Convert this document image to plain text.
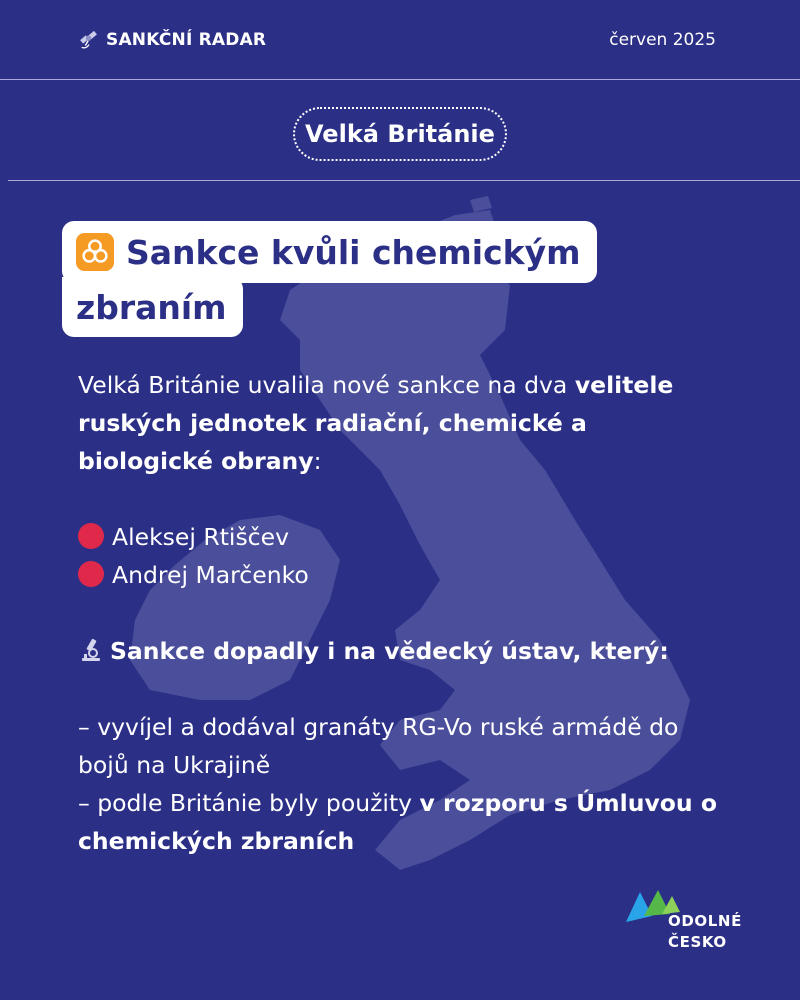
SANKČNÍ RADAR	červen 2025
Velká Británie
Sankce kvůli chemickým
zbraním

Velká Británie uvalila nové sankce na dva velitele ruských jednotek radiační, chemické a biologické obrany:

Aleksej Rtiščev

Andrej Marčenko

Sankce dopadly i na vědecký ústav, který:

– vyvíjel a dodával granáty RG-Vo ruské armádě do bojů na Ukrajině

– podle Británie byly použity v rozporu s Úmluvou o chemických zbraních

ODOLNÉ
ČESKO
